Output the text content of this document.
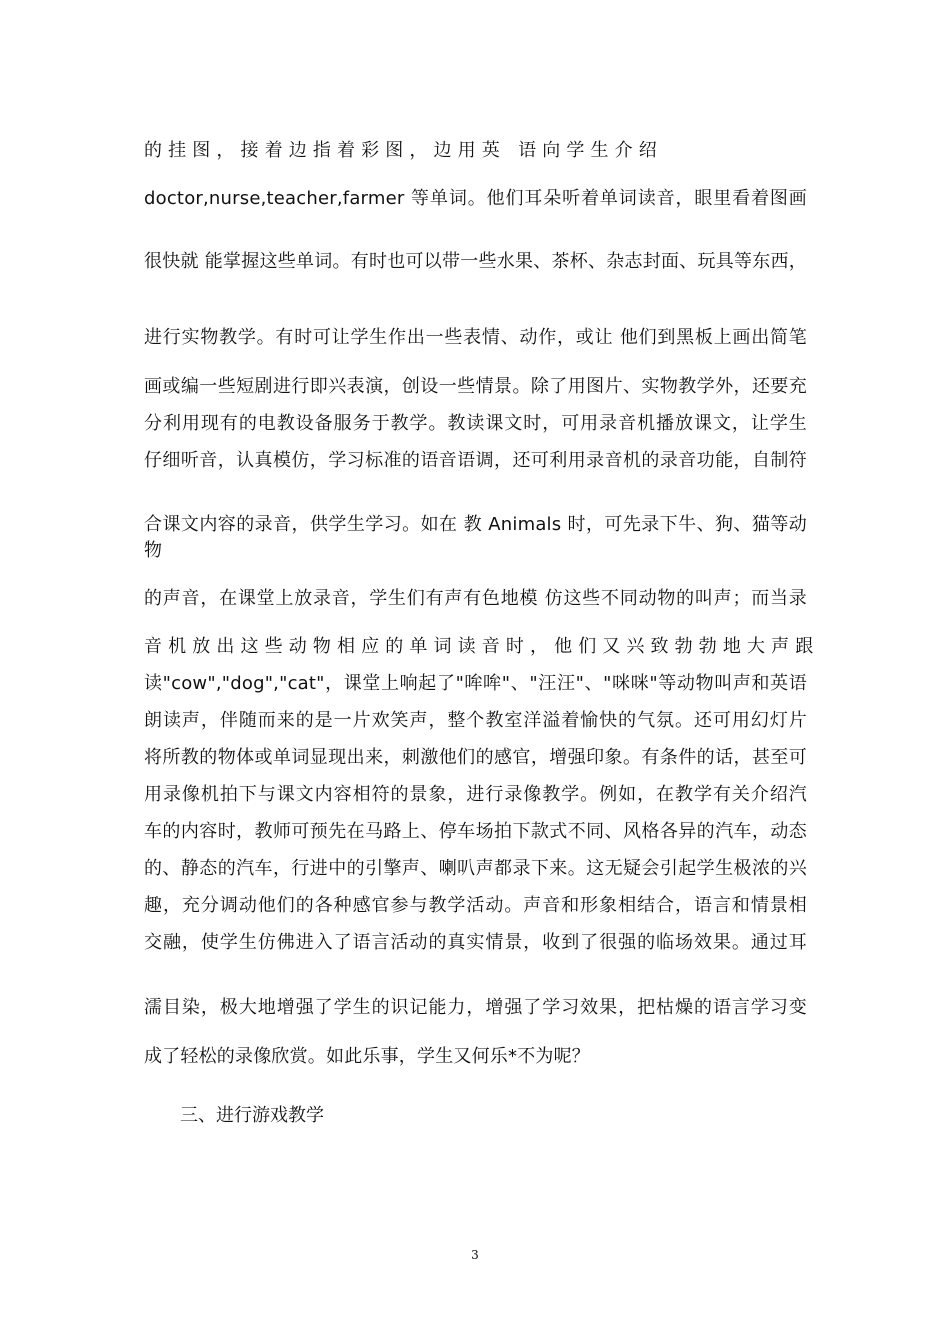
的 挂 图 ， 接 着 边 指 着 彩 图 ， 边 用 英　语 向 学 生 介 绍
doctor,nurse,teacher,farmer 等单词。他们耳朵听着单词读音，眼里看着图画
很快就 能掌握这些单词。有时也可以带一些水果、茶杯、杂志封面、玩具等东西，
进行实物教学。有时可让学生作出一些表情、动作，或让 他们到黑板上画出简笔
画或编一些短剧进行即兴表演，创设一些情景。除了用图片、实物教学外，还要充
分利用现有的电教设备服务于教学。教读课文时，可用录音机播放课文，让学生
仔细听音，认真模仿，学习标准的语音语调，还可利用录音机的录音功能，自制符
合课文内容的录音，供学生学习。如在 教 Animals 时，可先录下牛、狗、猫等动物
的声音，在课堂上放录音，学生们有声有色地模 仿这些不同动物的叫声；而当录
音 机 放 出 这 些 动 物 相 应 的 单 词 读 音 时 ， 他 们 又 兴 致 勃 勃 地 大 声 跟
读"cow","dog","cat"，课堂上响起了"哞哞"、"汪汪"、"咪咪"等动物叫声和英语
朗读声，伴随而来的是一片欢笑声，整个教室洋溢着愉快的气氛。还可用幻灯片
将所教的物体或单词显现出来，刺激他们的感官，增强印象。有条件的话，甚至可
用录像机拍下与课文内容相符的景象，进行录像教学。例如，在教学有关介绍汽
车的内容时，教师可预先在马路上、停车场拍下款式不同、风格各异的汽车，动态
的、静态的汽车，行进中的引擎声、喇叭声都录下来。这无疑会引起学生极浓的兴
趣，充分调动他们的各种感官参与教学活动。声音和形象相结合，语言和情景相
交融，使学生仿佛进入了语言活动的真实情景，收到了很强的临场效果。通过耳
濡目染，极大地增强了学生的识记能力，增强了学习效果，把枯燥的语言学习变
成了轻松的录像欣赏。如此乐事，学生又何乐*不为呢？
三、进行游戏教学
3
